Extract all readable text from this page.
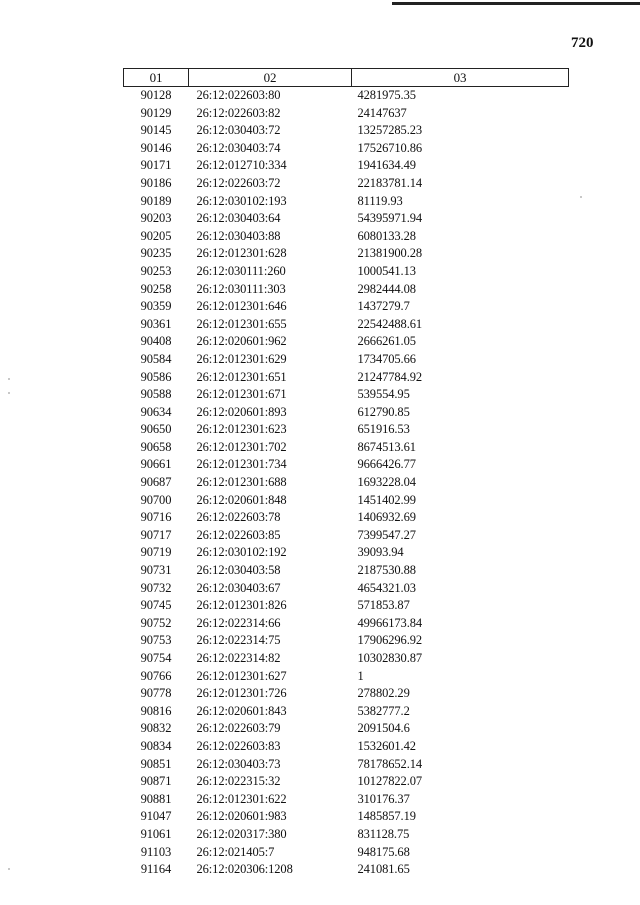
720
01	02	03
90128	26:12:022603:80	4281975.35
90129	26:12:022603:82	24147637
90145	26:12:030403:72	13257285.23
90146	26:12:030403:74	17526710.86
90171	26:12:012710:334	1941634.49
90186	26:12:022603:72	22183781.14
90189	26:12:030102:193	81119.93
90203	26:12:030403:64	54395971.94
90205	26:12:030403:88	6080133.28
90235	26:12:012301:628	21381900.28
90253	26:12:030111:260	1000541.13
90258	26:12:030111:303	2982444.08
90359	26:12:012301:646	1437279.7
90361	26:12:012301:655	22542488.61
90408	26:12:020601:962	2666261.05
90584	26:12:012301:629	1734705.66
90586	26:12:012301:651	21247784.92
90588	26:12:012301:671	539554.95
90634	26:12:020601:893	612790.85
90650	26:12:012301:623	651916.53
90658	26:12:012301:702	8674513.61
90661	26:12:012301:734	9666426.77
90687	26:12:012301:688	1693228.04
90700	26:12:020601:848	1451402.99
90716	26:12:022603:78	1406932.69
90717	26:12:022603:85	7399547.27
90719	26:12:030102:192	39093.94
90731	26:12:030403:58	2187530.88
90732	26:12:030403:67	4654321.03
90745	26:12:012301:826	571853.87
90752	26:12:022314:66	49966173.84
90753	26:12:022314:75	17906296.92
90754	26:12:022314:82	10302830.87
90766	26:12:012301:627	1
90778	26:12:012301:726	278802.29
90816	26:12:020601:843	5382777.2
90832	26:12:022603:79	2091504.6
90834	26:12:022603:83	1532601.42
90851	26:12:030403:73	78178652.14
90871	26:12:022315:32	10127822.07
90881	26:12:012301:622	310176.37
91047	26:12:020601:983	1485857.19
91061	26:12:020317:380	831128.75
91103	26:12:021405:7	948175.68
91164	26:12:020306:1208	241081.65
